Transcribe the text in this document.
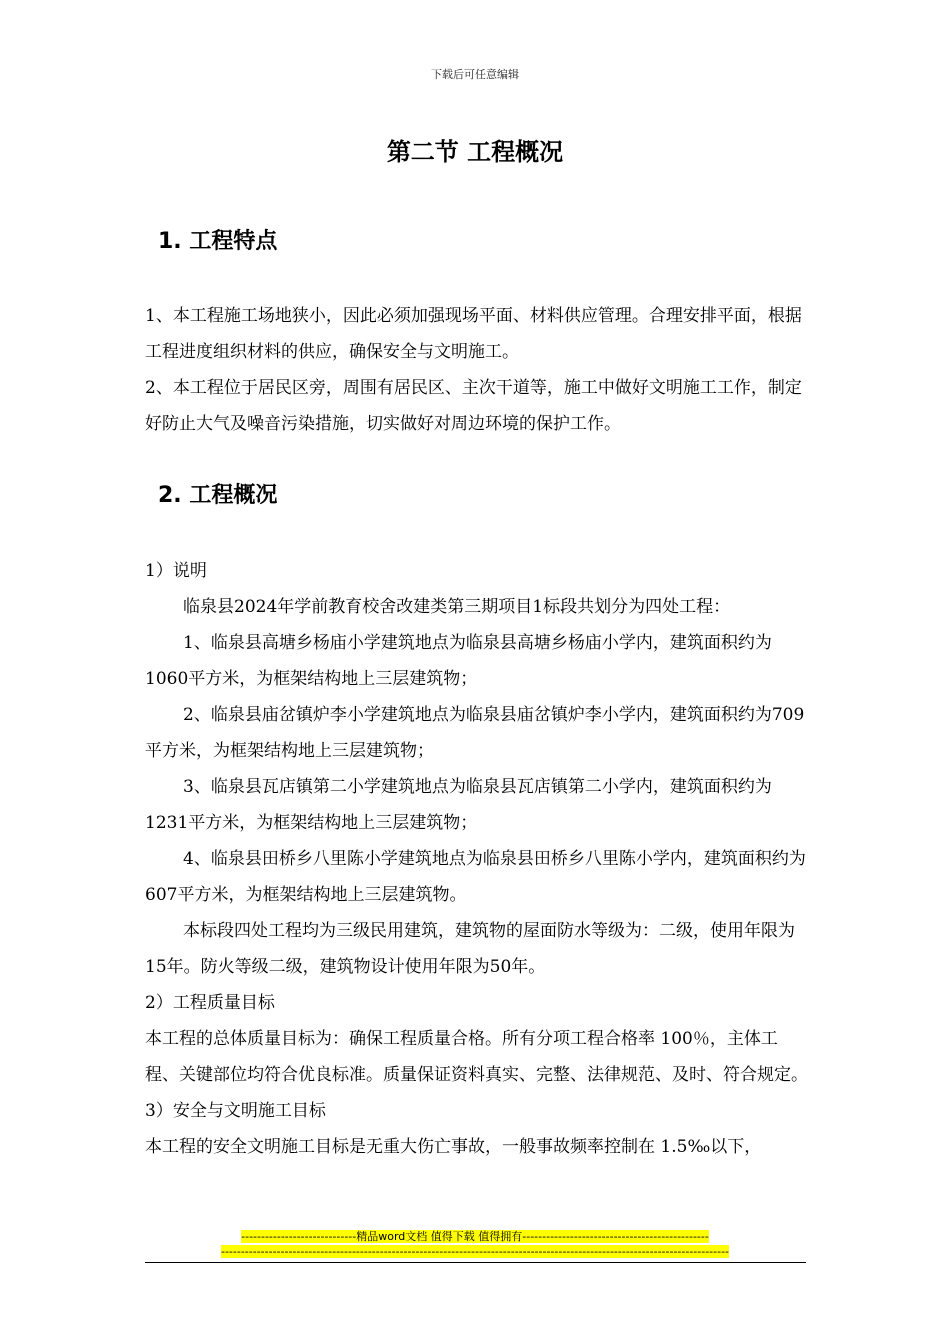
下载后可任意编辑
第二节 工程概况
1. 工程特点
1、本工程施工场地狭小，因此必须加强现场平面、材料供应管理。合理安排平面，根据工程进度组织材料的供应，确保安全与文明施工。
2、本工程位于居民区旁，周围有居民区、主次干道等，施工中做好文明施工工作，制定好防止大气及噪音污染措施，切实做好对周边环境的保护工作。
2. 工程概况
1）说明
临泉县2024年学前教育校舍改建类第三期项目1标段共划分为四处工程：
1、临泉县高塘乡杨庙小学建筑地点为临泉县高塘乡杨庙小学内，建筑面积约为1060平方米，为框架结构地上三层建筑物；
2、临泉县庙岔镇炉李小学建筑地点为临泉县庙岔镇炉李小学内，建筑面积约为709平方米，为框架结构地上三层建筑物；
3、临泉县瓦店镇第二小学建筑地点为临泉县瓦店镇第二小学内，建筑面积约为1231平方米，为框架结构地上三层建筑物；
4、临泉县田桥乡八里陈小学建筑地点为临泉县田桥乡八里陈小学内，建筑面积约为607平方米，为框架结构地上三层建筑物。
本标段四处工程均为三级民用建筑，建筑物的屋面防水等级为：二级，使用年限为15年。防火等级二级，建筑物设计使用年限为50年。
2）工程质量目标
本工程的总体质量目标为：确保工程质量合格。所有分项工程合格率 100％，主体工程、关键部位均符合优良标准。质量保证资料真实、完整、法律规范、及时、符合规定。
3）安全与文明施工目标
本工程的安全文明施工目标是无重大伤亡事故，一般事故频率控制在 1.5‰以下，
-----------------------------精品word文档 值得下载 值得拥有-----------------------------------------------
--------------------------------------------------------------------------------------------------------------------------------
